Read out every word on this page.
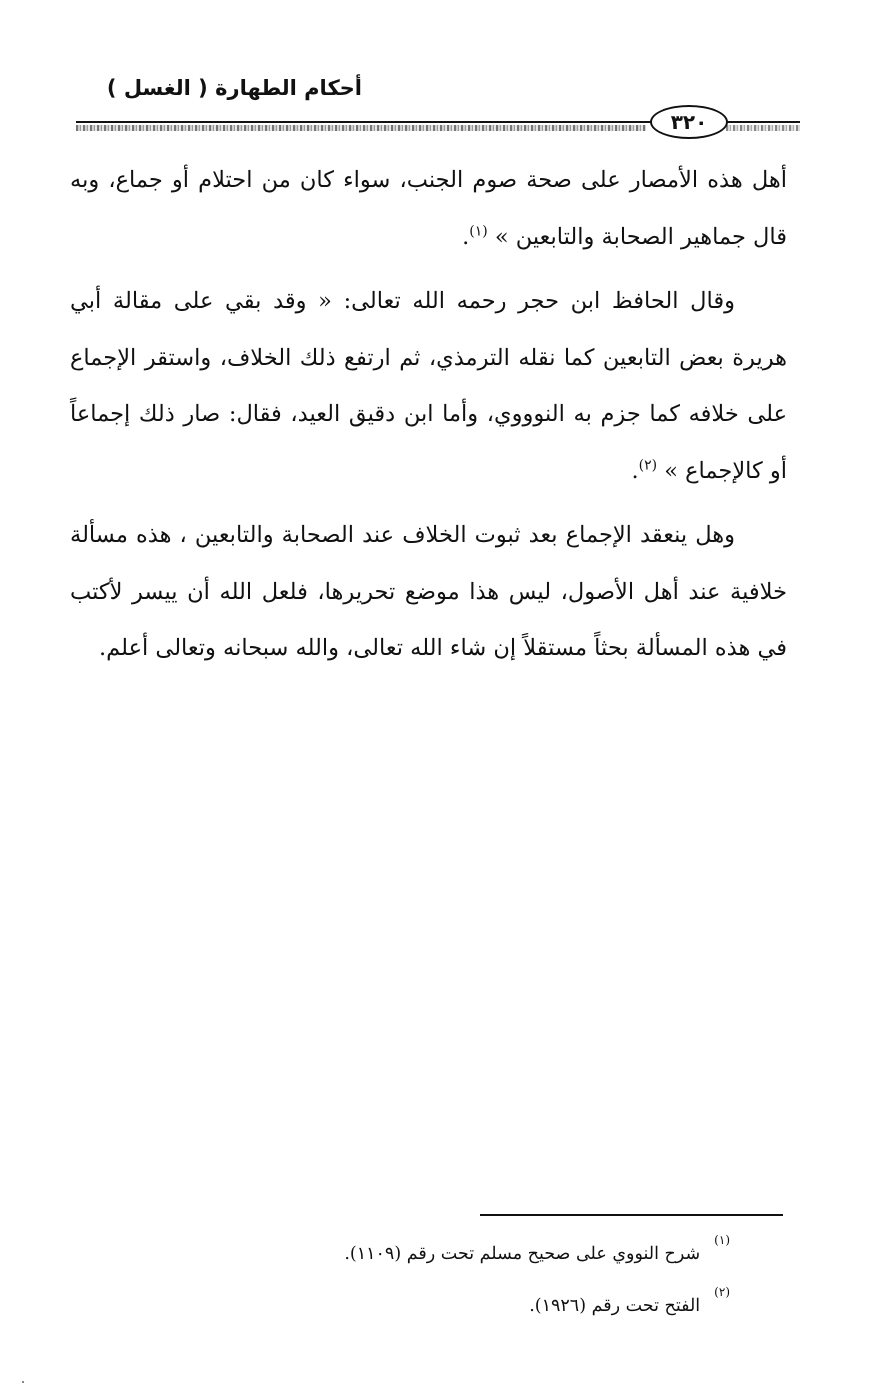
أحكام الطهارة ( الغسل )
٣٢٠

أهل هذه الأمصار على صحة صوم الجنب، سواء كان من احتلام أو جماع، وبه قال جماهير الصحابة والتابعين » $^{(١)}$.

وقال الحافظ ابن حجر رحمه الله تعالى: « وقد بقي على مقالة أبي هريرة بعض التابعين كما نقله الترمذي، ثم ارتفع ذلك الخلاف، واستقر الإجماع على خلافه كما جزم به النوووي، وأما ابن دقيق العيد، فقال: صار ذلك إجماعاً أو كالإجماع » $^{(٢)}$.

وهل ينعقد الإجماع بعد ثبوت الخلاف عند الصحابة والتابعين ، هذه مسألة خلافية عند أهل الأصول، ليس هذا موضع تحريرها، فلعل الله أن ييسر لأكتب في هذه المسألة بحثاً مستقلاً إن شاء الله تعالى، والله سبحانه وتعالى أعلم.

(١)شرح النووي على صحيح مسلم تحت رقم (١١٠٩).
(٢)الفتح تحت رقم (١٩٢٦).
